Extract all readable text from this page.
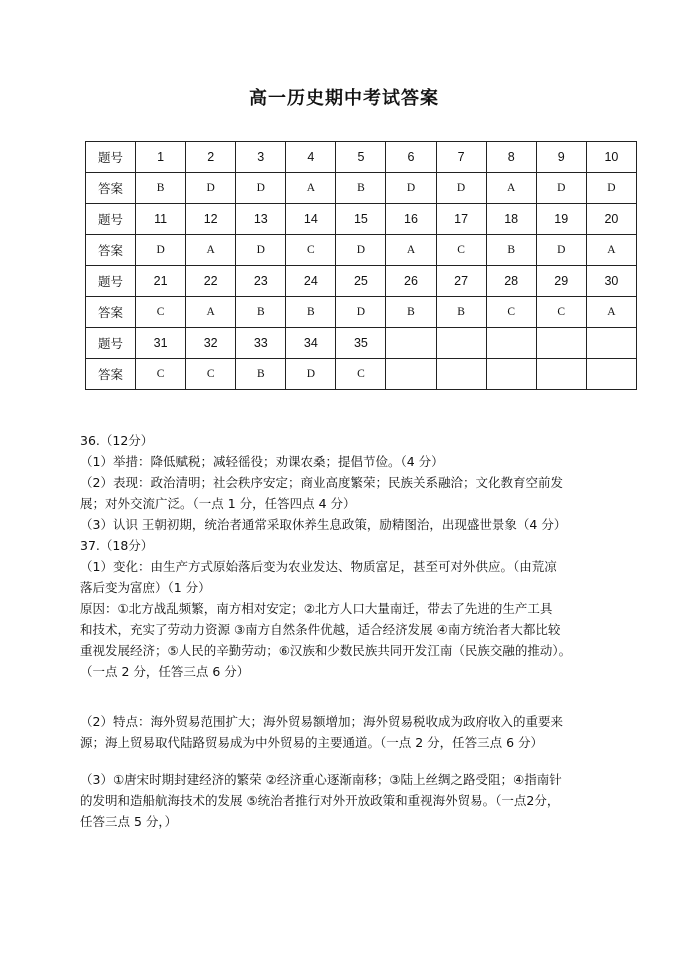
高一历史期中考试答案
题号	1	2	3	4	5	6	7	8	9	10
答案	B	D	D	A	B	D	D	A	D	D
题号	11	12	13	14	15	16	17	18	19	20
答案	D	A	D	C	D	A	C	B	D	A
题号	21	22	23	24	25	26	27	28	29	30
答案	C	A	B	B	D	B	B	C	C	A
题号	31	32	33	34	35					
答案	C	C	B	D	C					
36.（12分）
（1）举措：降低赋税；减轻徭役；劝课农桑；提倡节俭。（4 分）
（2）表现：政治清明；社会秩序安定；商业高度繁荣；民族关系融洽；文化教育空前发
展；对外交流广泛。（一点 1 分，任答四点 4 分）
（3）认识 王朝初期，统治者通常采取休养生息政策，励精图治，出现盛世景象（4 分）
37.（18分）
（1）变化：由生产方式原始落后变为农业发达、物质富足，甚至可对外供应。（由荒凉
落后变为富庶）（1 分）
原因：①北方战乱频繁，南方相对安定；②北方人口大量南迁，带去了先进的生产工具
和技术，充实了劳动力资源 ③南方自然条件优越，适合经济发展 ④南方统治者大都比较
重视发展经济；⑤人民的辛勤劳动；⑥汉族和少数民族共同开发江南（民族交融的推动）。
（一点 2 分，任答三点 6 分）
（2）特点：海外贸易范围扩大；海外贸易额增加；海外贸易税收成为政府收入的重要来
源；海上贸易取代陆路贸易成为中外贸易的主要通道。（一点 2 分，任答三点 6 分）
（3）①唐宋时期封建经济的繁荣 ②经济重心逐渐南移；③陆上丝绸之路受阻；④指南针
的发明和造船航海技术的发展 ⑤统治者推行对外开放政策和重视海外贸易。（一点2分，
任答三点 5 分，）
